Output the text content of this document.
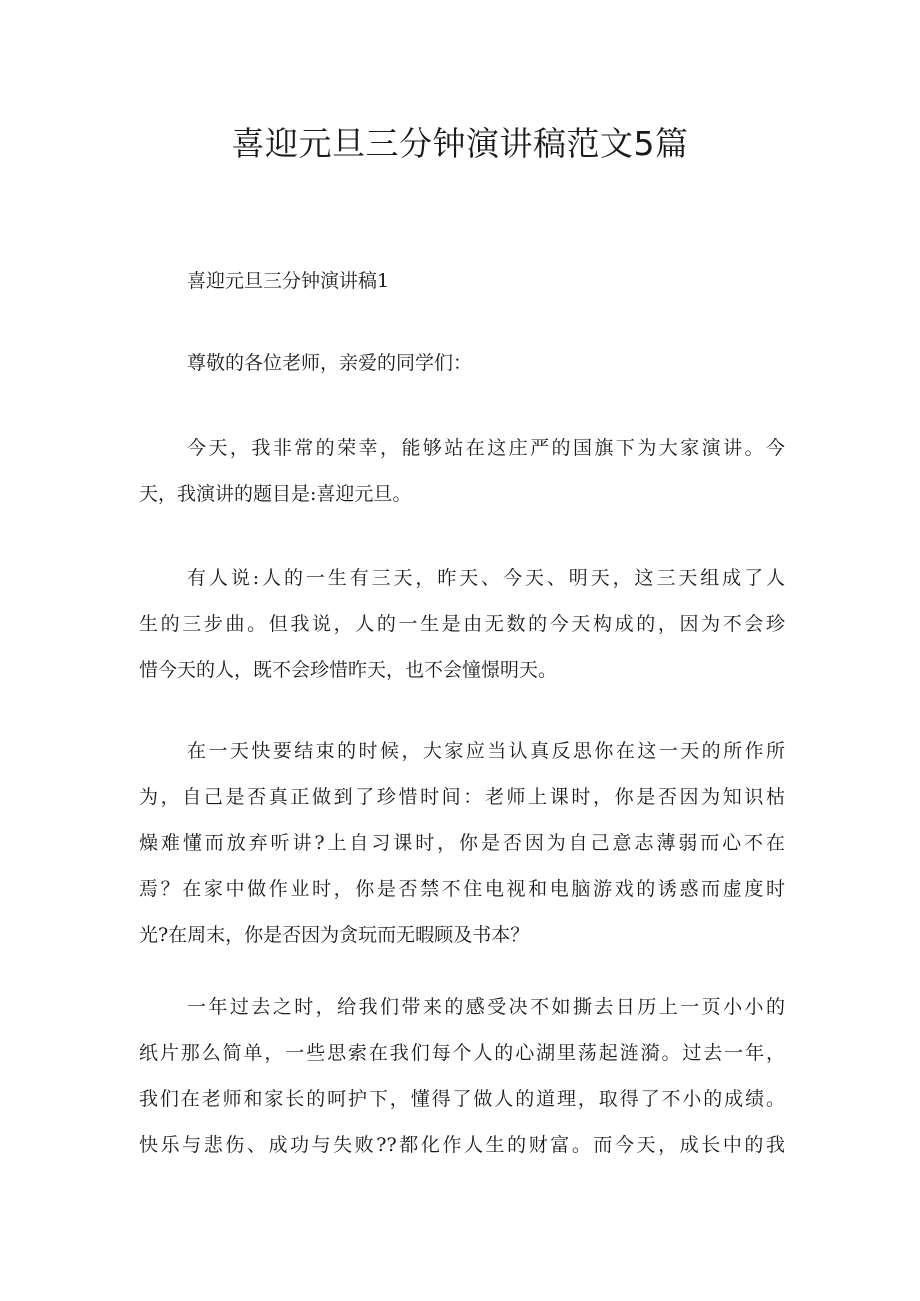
喜迎元旦三分钟演讲稿范文5篇

喜迎元旦三分钟演讲稿1

尊敬的各位老师，亲爱的同学们：

今天，我非常的荣幸，能够站在这庄严的国旗下为大家演讲。今
天，我演讲的题目是:喜迎元旦。
有人说:人的一生有三天，昨天、今天、明天，这三天组成了人
生的三步曲。但我说，人的一生是由无数的今天构成的，因为不会珍
惜今天的人，既不会珍惜昨天，也不会憧憬明天。
在一天快要结束的时候，大家应当认真反思你在这一天的所作所
为，自己是否真正做到了珍惜时间：老师上课时，你是否因为知识枯
燥难懂而放弃听讲?上自习课时，你是否因为自己意志薄弱而心不在
焉？在家中做作业时，你是否禁不住电视和电脑游戏的诱惑而虚度时
光?在周末，你是否因为贪玩而无暇顾及书本？
一年过去之时，给我们带来的感受决不如撕去日历上一页小小的
纸片那么简单，一些思索在我们每个人的心湖里荡起涟漪。过去一年，
我们在老师和家长的呵护下，懂得了做人的道理，取得了不小的成绩。
快乐与悲伤、成功与失败??都化作人生的财富。而今天，成长中的我
